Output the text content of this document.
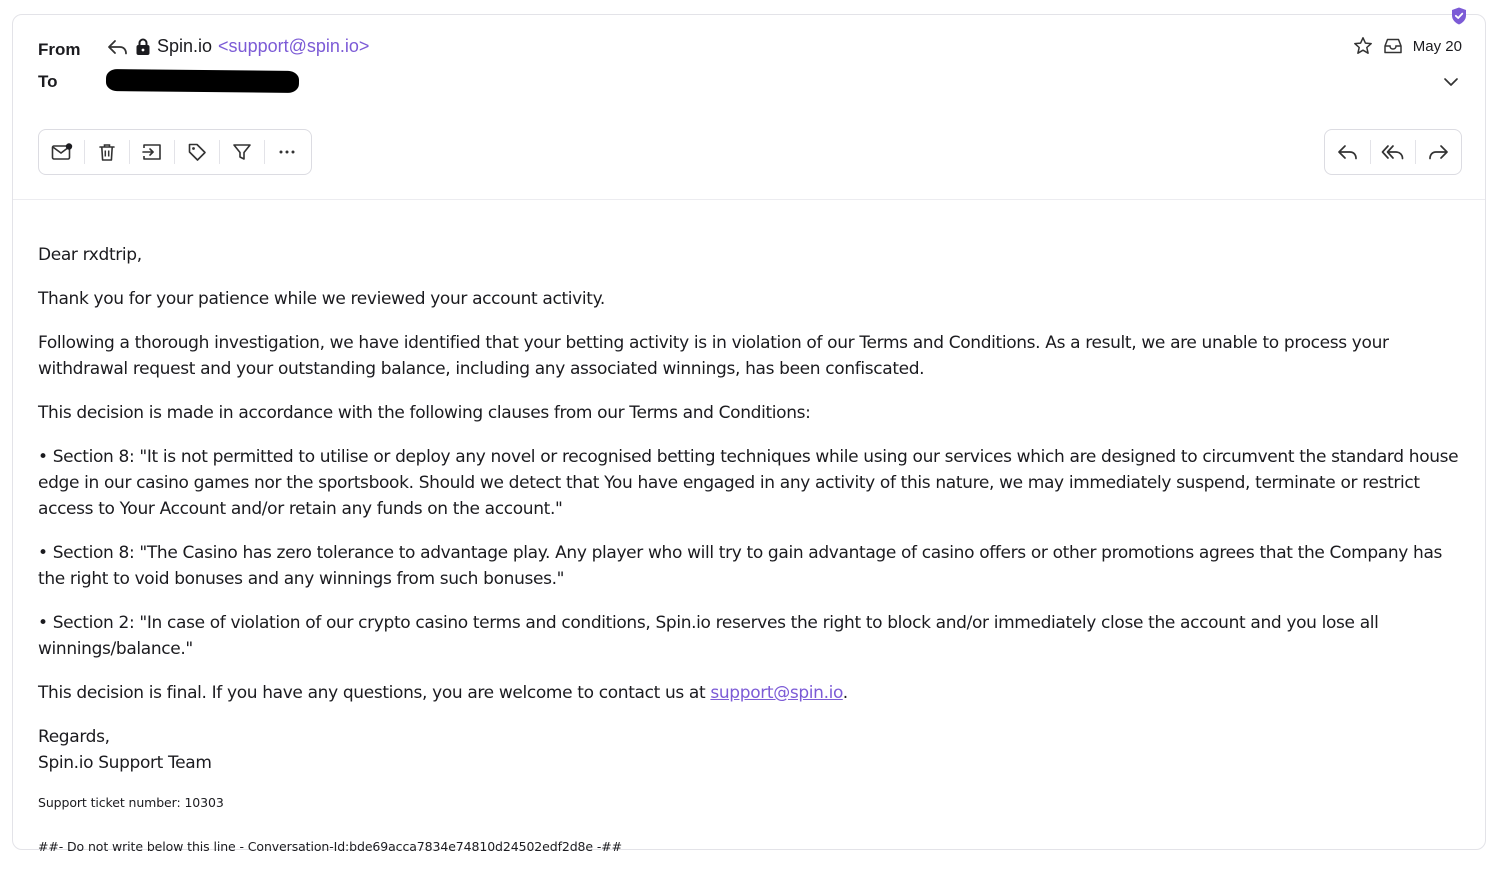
From
To
Spin.io <support@spin.io>	May 20

Dear rxdtrip,

Thank you for your patience while we reviewed your account activity.

Following a thorough investigation, we have identified that your betting activity is in violation of our Terms and Conditions. As a result, we are unable to process your withdrawal request and your outstanding balance, including any associated winnings, has been confiscated.

This decision is made in accordance with the following clauses from our Terms and Conditions:

• Section 8: "It is not permitted to utilise or deploy any novel or recognised betting techniques while using our services which are designed to circumvent the standard house edge in our casino games nor the sportsbook. Should we detect that You have engaged in any activity of this nature, we may immediately suspend, terminate or restrict access to Your Account and/or retain any funds on the account."

• Section 8: "The Casino has zero tolerance to advantage play. Any player who will try to gain advantage of casino offers or other promotions agrees that the Company has the right to void bonuses and any winnings from such bonuses."

• Section 2: "In case of violation of our crypto casino terms and conditions, Spin.io reserves the right to block and/or immediately close the account and you lose all winnings/balance."

This decision is final. If you have any questions, you are welcome to contact us at support@spin.io.

Regards,
Spin.io Support Team

Support ticket number: 10303

##- Do not write below this line - Conversation-Id:bde69acca7834e74810d24502edf2d8e -##
